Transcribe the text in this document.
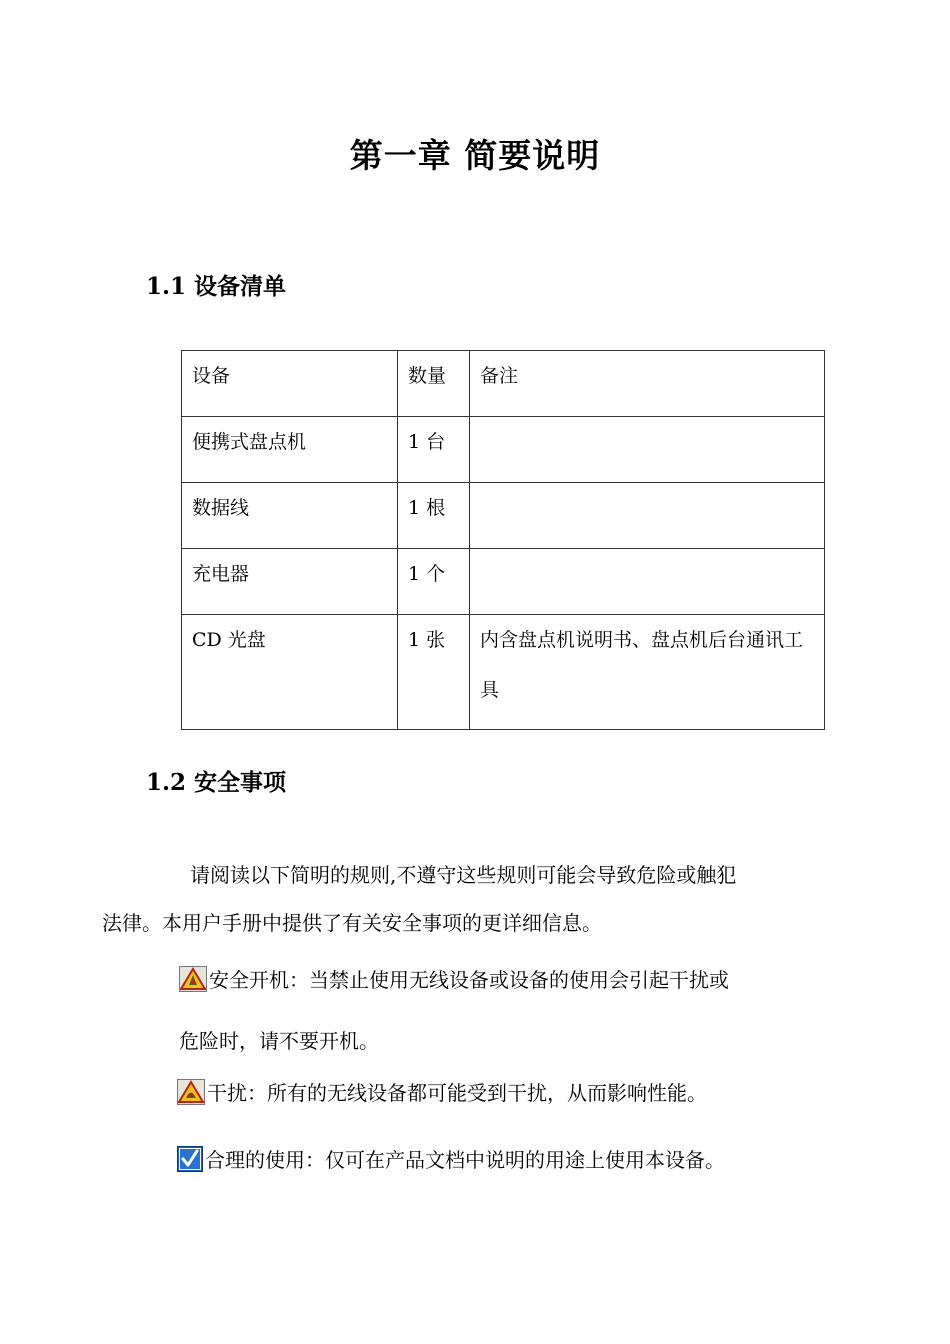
第一章 简要说明
1.1 设备清单
设备	数量	备注

便携式盘点机	1 台	

数据线	1 根	

充电器	1 个	

CD 光盘	1 张	内含盘点机说明书、盘点机后台通讯工具
1.2 安全事项
请阅读以下简明的规则,不遵守这些规则可能会导致危险或触犯
法律。本用户手册中提供了有关安全事项的更详细信息。
安全开机：当禁止使用无线设备或设备的使用会引起干扰或
危险时，请不要开机。
干扰：所有的无线设备都可能受到干扰，从而影响性能。
合理的使用：仅可在产品文档中说明的用途上使用本设备。
